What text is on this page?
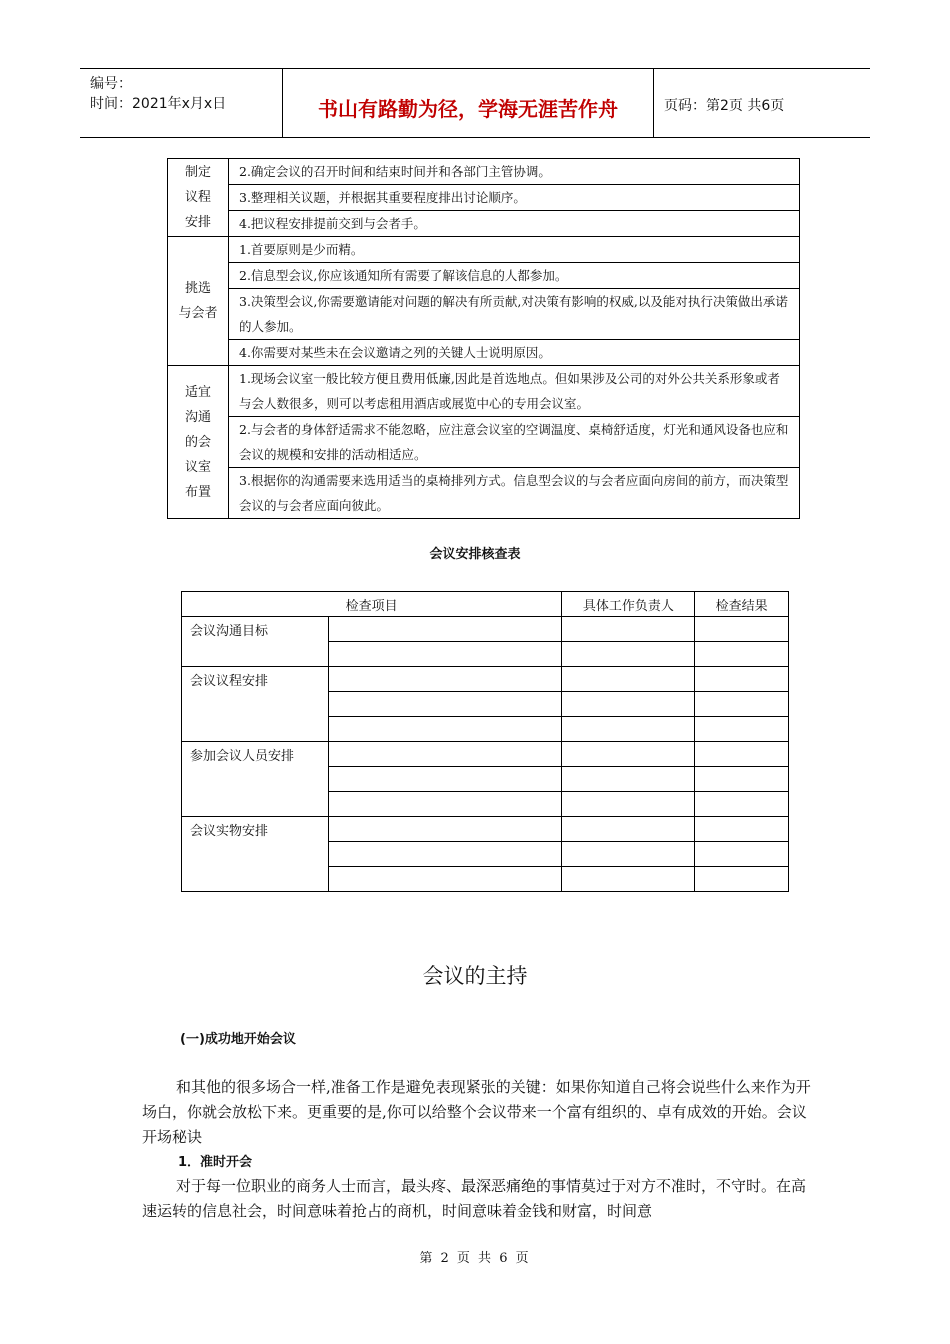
编号：
时间：2021年x月x日	书山有路勤为径，学海无涯苦作舟	页码：第2页 共6页
制定
议程
安排	2.确定会议的召开时间和结束时间并和各部门主管协调。
	3.整理相关议题，并根据其重要程度排出讨论顺序。
	4.把议程安排提前交到与会者手。

挑选
与会者	1.首要原则是少而精。
	2.信息型会议,你应该通知所有需要了解该信息的人都参加。
	3.决策型会议,你需要邀请能对问题的解决有所贡献,对决策有影响的权威,以及能对执行决策做出承诺的人参加。
	4.你需要对某些未在会议邀请之列的关键人士说明原因。

适宜
沟通
的会
议室
布置	1.现场会议室一般比较方便且费用低廉,因此是首选地点。但如果涉及公司的对外公共关系形象或者与会人数很多，则可以考虑租用酒店或展览中心的专用会议室。
	2.与会者的身体舒适需求不能忽略，应注意会议室的空调温度、桌椅舒适度，灯光和通风设备也应和会议的规模和安排的活动相适应。
	3.根据你的沟通需要来选用适当的桌椅排列方式。信息型会议的与会者应面向房间的前方，而决策型会议的与会者应面向彼此。
会议安排核查表
检查项目		具体工作负责人	检查结果
会议沟通目标			

会议议程安排			

参加会议人员安排			

会议实物安排			

会议的主持
(一)成功地开始会议

和其他的很多场合一样,准备工作是避免表现紧张的关键：如果你知道自己将会说些什么来作为开场白，你就会放松下来。更重要的是,你可以给整个会议带来一个富有组织的、卓有成效的开始。会议开场秘诀

1．准时开会

对于每一位职业的商务人士而言，最头疼、最深恶痛绝的事情莫过于对方不准时，不守时。在高速运转的信息社会，时间意味着抢占的商机，时间意味着金钱和财富，时间意

第 2 页 共 6 页
